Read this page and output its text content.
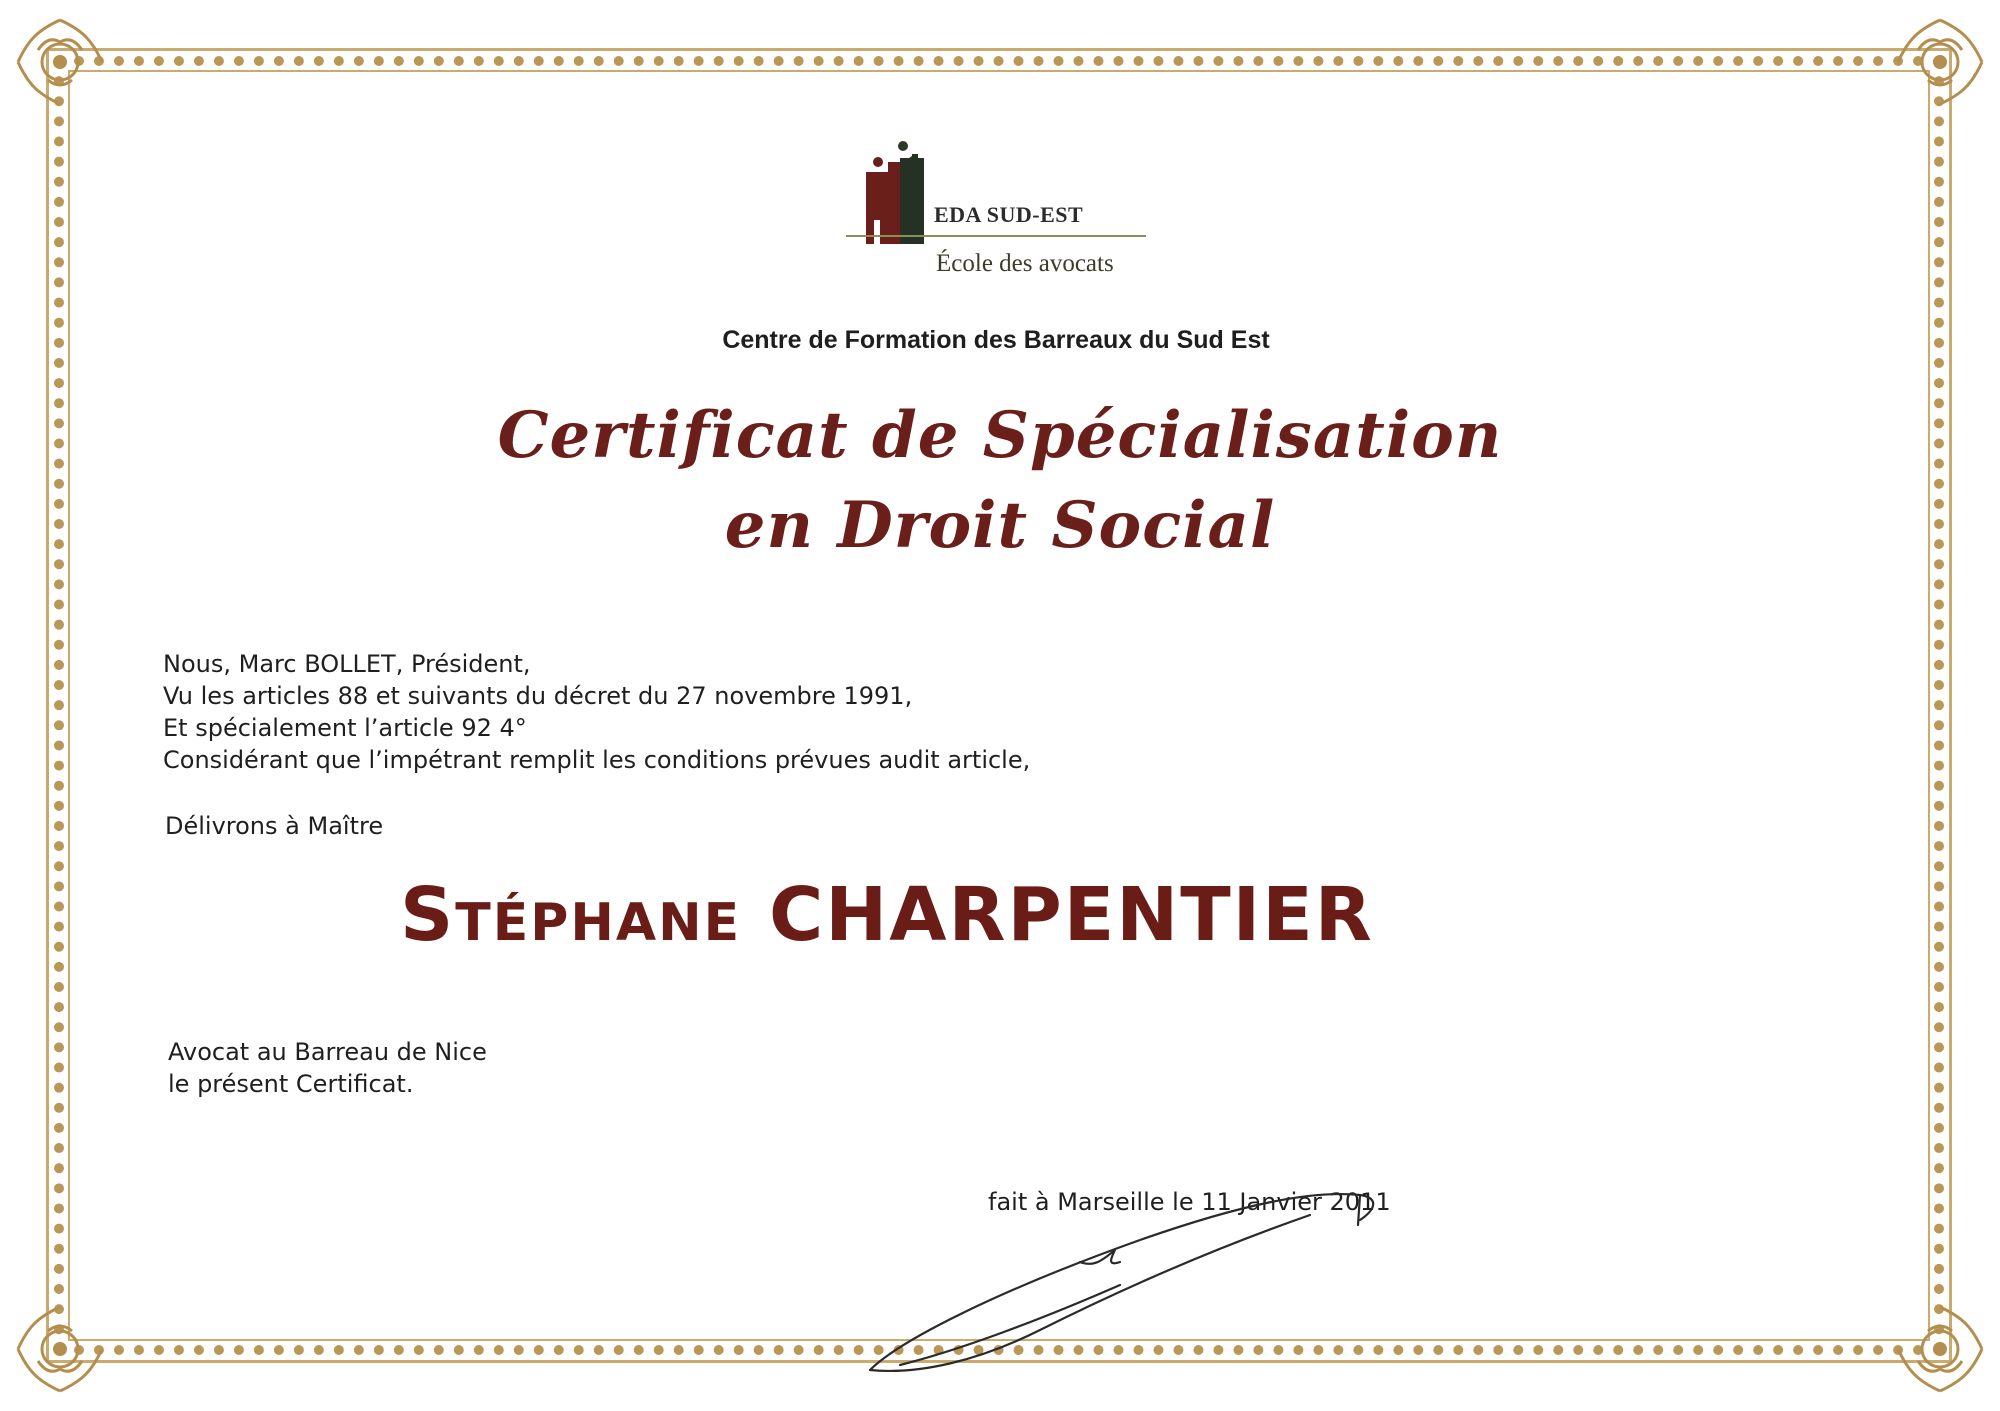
EDA SUD-EST
École des avocats
Centre de Formation des Barreaux du Sud Est
Certificat de Spécialisation
en Droit Social
Nous, Marc BOLLET, Président,
Vu les articles 88 et suivants du décret du 27 novembre 1991,
Et spécialement l’article 92 4°
Considérant que l’impétrant remplit les conditions prévues audit article,
Délivrons à Maître
Stéphane CHARPENTIER
Avocat au Barreau de Nice
le présent Certificat.
fait à Marseille le 11 Janvier 2011
